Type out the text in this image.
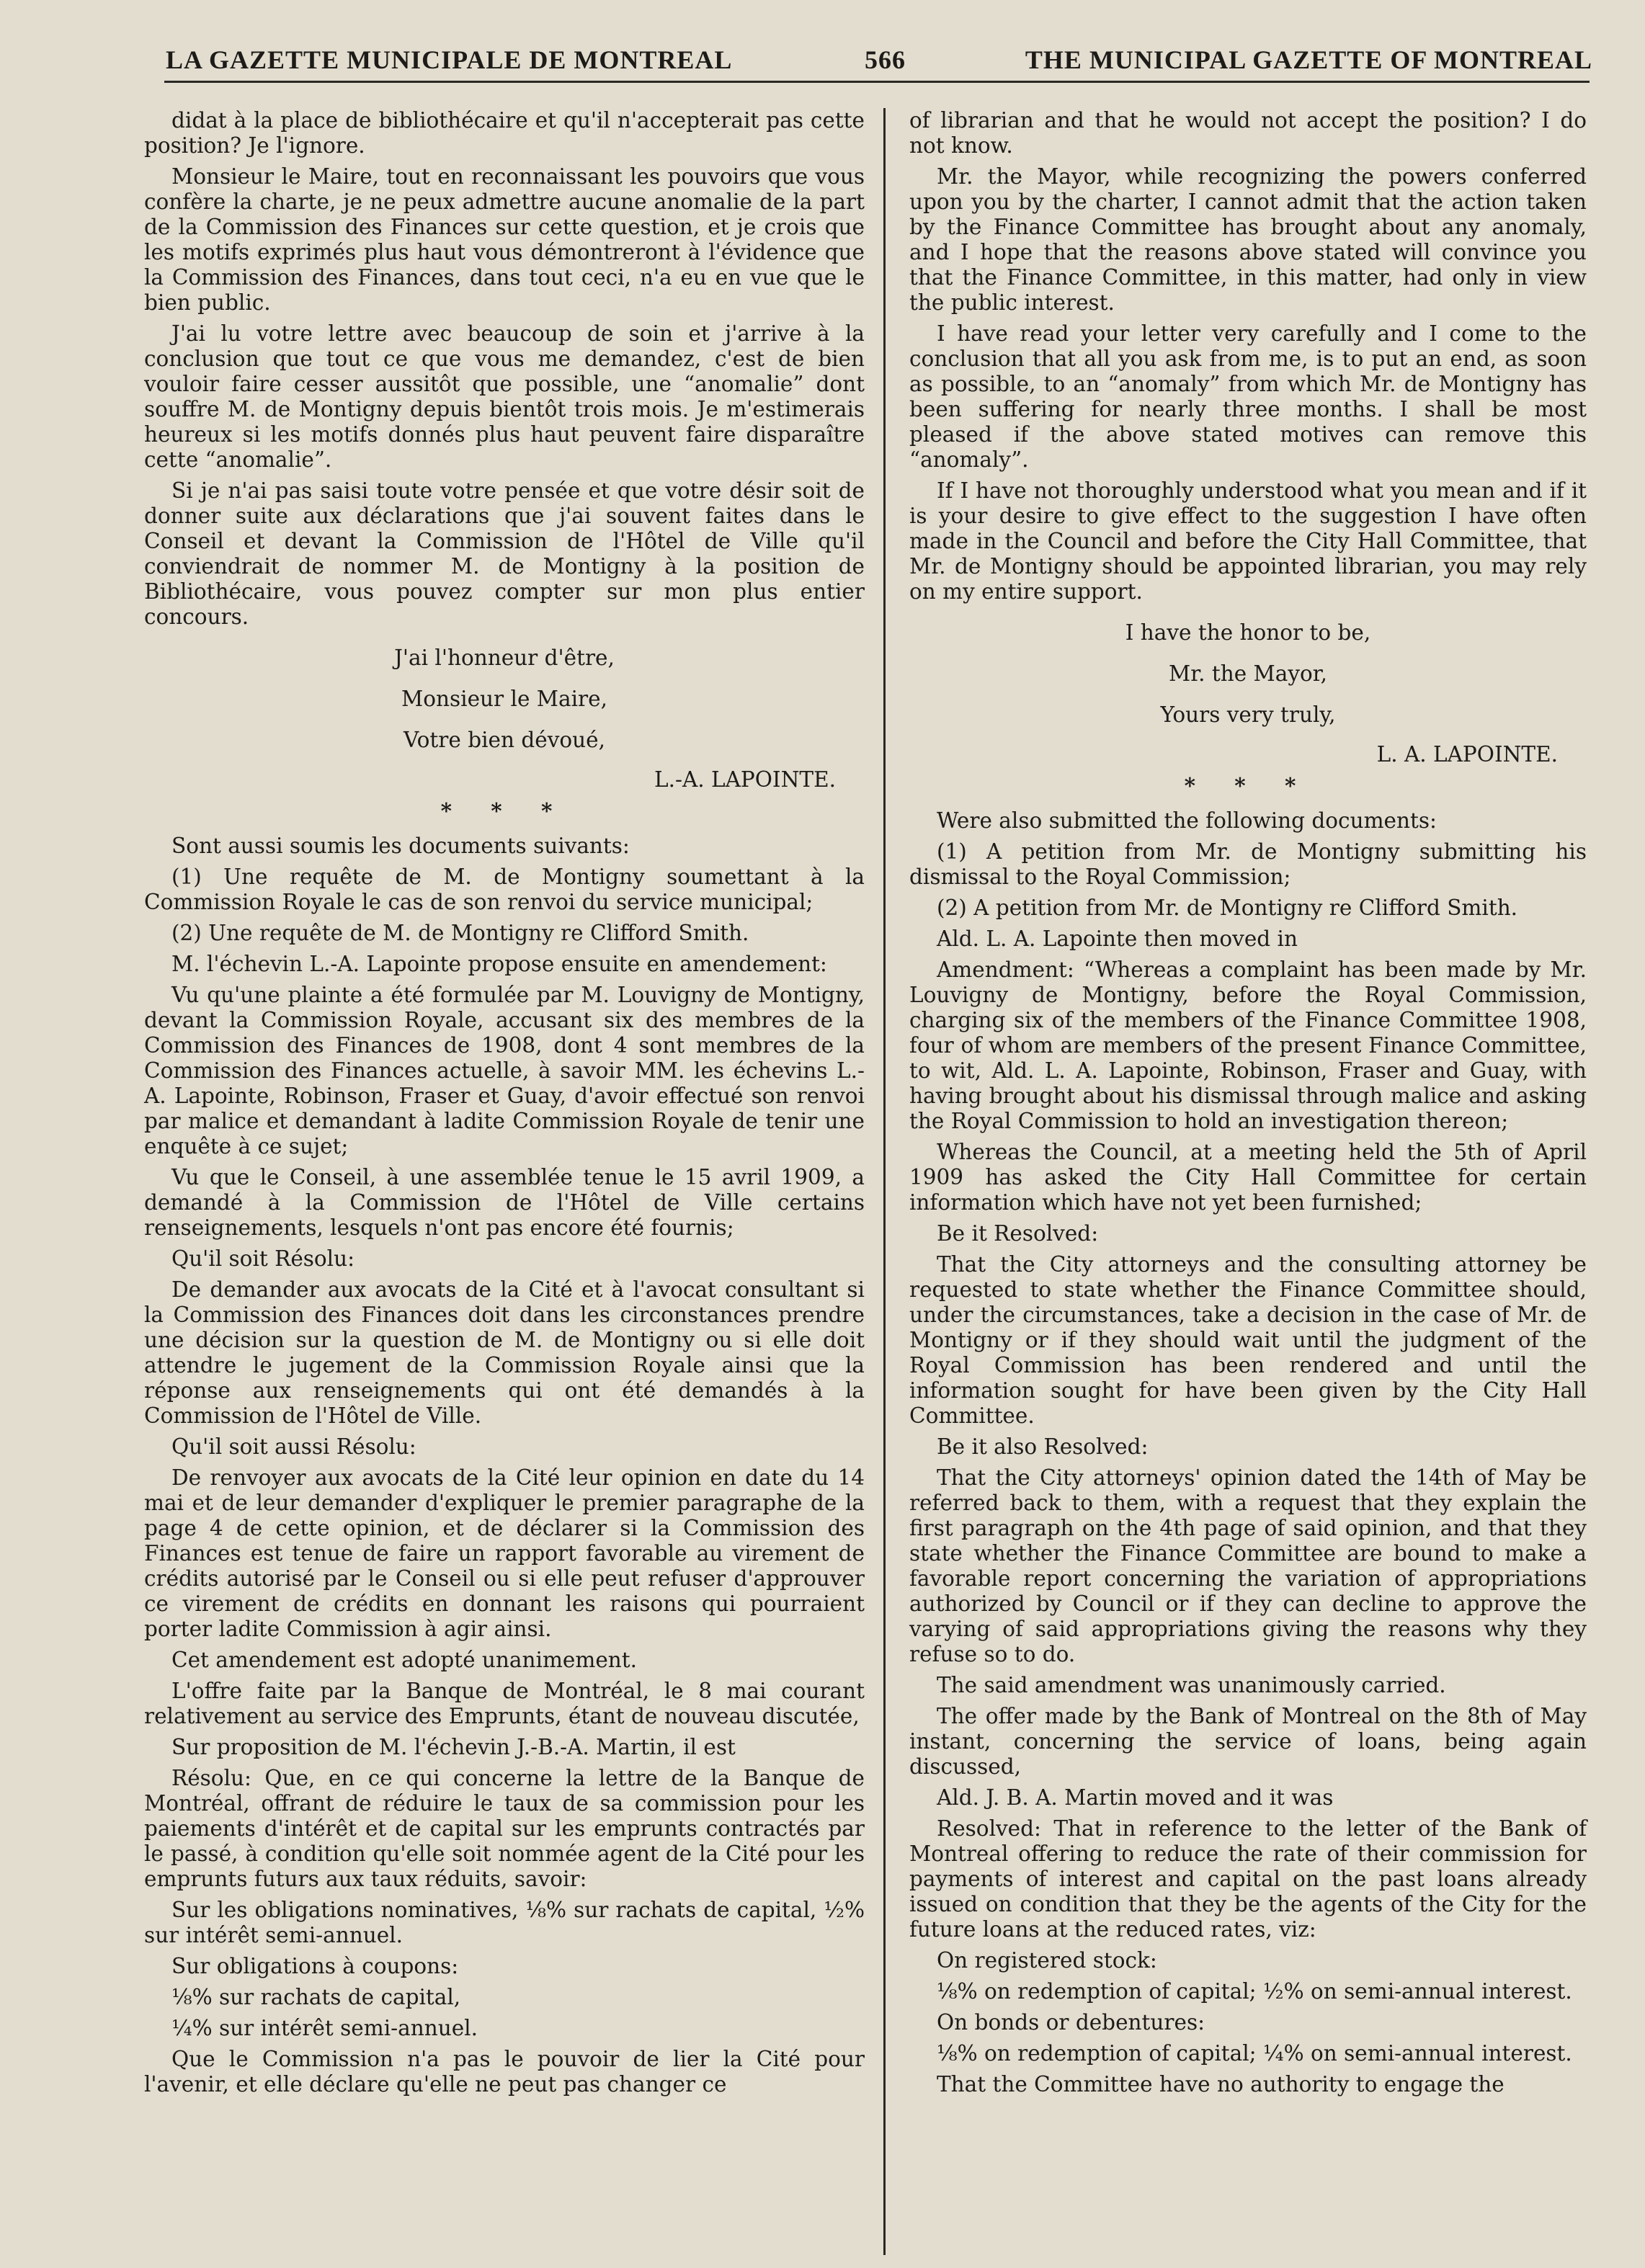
LA GAZETTE MUNICIPALE DE MONTREAL	566	THE MUNICIPAL GAZETTE OF MONTREAL

didat à la place de bibliothécaire et qu'il n'accepterait pas cette position? Je l'ignore.

Monsieur le Maire, tout en reconnaissant les pouvoirs que vous confère la charte, je ne peux admettre aucune anomalie de la part de la Commission des Finances sur cette question, et je crois que les motifs exprimés plus haut vous démontreront à l'évidence que la Commission des Finances, dans tout ceci, n'a eu en vue que le bien public.

J'ai lu votre lettre avec beaucoup de soin et j'arrive à la conclusion que tout ce que vous me demandez, c'est de bien vouloir faire cesser aussitôt que possible, une “anomalie” dont souffre M. de Montigny depuis bientôt trois mois. Je m'estimerais heureux si les motifs donnés plus haut peuvent faire disparaître cette “anomalie”.

Si je n'ai pas saisi toute votre pensée et que votre désir soit de donner suite aux déclarations que j'ai souvent faites dans le Conseil et devant la Commission de l'Hôtel de Ville qu'il conviendrait de nommer M. de Montigny à la position de Bibliothécaire, vous pouvez compter sur mon plus entier concours.

J'ai l'honneur d'être,

Monsieur le Maire,

Votre bien dévoué,

L.-A. LAPOINTE.

* * *

Sont aussi soumis les documents suivants:

(1) Une requête de M. de Montigny soumettant à la Commission Royale le cas de son renvoi du service municipal;

(2) Une requête de M. de Montigny re Clifford Smith.

M. l'échevin L.-A. Lapointe propose ensuite en amendement:

Vu qu'une plainte a été formulée par M. Louvigny de Montigny, devant la Commission Royale, accusant six des membres de la Commission des Finances de 1908, dont 4 sont membres de la Commission des Finances actuelle, à savoir MM. les échevins L.-A. Lapointe, Robinson, Fraser et Guay, d'avoir effectué son renvoi par malice et demandant à ladite Commission Royale de tenir une enquête à ce sujet;

Vu que le Conseil, à une assemblée tenue le 15 avril 1909, a demandé à la Commission de l'Hôtel de Ville certains renseignements, lesquels n'ont pas encore été fournis;

Qu'il soit Résolu:

De demander aux avocats de la Cité et à l'avocat consultant si la Commission des Finances doit dans les circonstances prendre une décision sur la question de M. de Montigny ou si elle doit attendre le jugement de la Commission Royale ainsi que la réponse aux renseignements qui ont été demandés à la Commission de l'Hôtel de Ville.

Qu'il soit aussi Résolu:

De renvoyer aux avocats de la Cité leur opinion en date du 14 mai et de leur demander d'expliquer le premier paragraphe de la page 4 de cette opinion, et de déclarer si la Commission des Finances est tenue de faire un rapport favorable au virement de crédits autorisé par le Conseil ou si elle peut refuser d'approuver ce virement de crédits en donnant les raisons qui pourraient porter ladite Commission à agir ainsi.

Cet amendement est adopté unanimement.

L'offre faite par la Banque de Montréal, le 8 mai courant relativement au service des Emprunts, étant de nouveau discutée,

Sur proposition de M. l'échevin J.-B.-A. Martin, il est

Résolu: Que, en ce qui concerne la lettre de la Banque de Montréal, offrant de réduire le taux de sa commission pour les paiements d'intérêt et de capital sur les emprunts contractés par le passé, à condition qu'elle soit nommée agent de la Cité pour les emprunts futurs aux taux réduits, savoir:

Sur les obligations nominatives, ⅛% sur rachats de capital, ½% sur intérêt semi-annuel.

Sur obligations à coupons:

⅛% sur rachats de capital,

¼% sur intérêt semi-annuel.

Que le Commission n'a pas le pouvoir de lier la Cité pour l'avenir, et elle déclare qu'elle ne peut pas changer ce

of librarian and that he would not accept the position? I do not know.

Mr. the Mayor, while recognizing the powers conferred upon you by the charter, I cannot admit that the action taken by the Finance Committee has brought about any anomaly, and I hope that the reasons above stated will convince you that the Finance Committee, in this matter, had only in view the public interest.

I have read your letter very carefully and I come to the conclusion that all you ask from me, is to put an end, as soon as possible, to an “anomaly” from which Mr. de Montigny has been suffering for nearly three months. I shall be most pleased if the above stated motives can remove this “anomaly”.

If I have not thoroughly understood what you mean and if it is your desire to give effect to the suggestion I have often made in the Council and before the City Hall Committee, that Mr. de Montigny should be appointed librarian, you may rely on my entire support.

I have the honor to be,

Mr. the Mayor,

Yours very truly,

L. A. LAPOINTE.

* * *

Were also submitted the following documents:

(1) A petition from Mr. de Montigny submitting his dismissal to the Royal Commission;

(2) A petition from Mr. de Montigny re Clifford Smith.

Ald. L. A. Lapointe then moved in

Amendment: “Whereas a complaint has been made by Mr. Louvigny de Montigny, before the Royal Commission, charging six of the members of the Finance Committee 1908, four of whom are members of the present Finance Committee, to wit, Ald. L. A. Lapointe, Robinson, Fraser and Guay, with having brought about his dismissal through malice and asking the Royal Commission to hold an investigation thereon;

Whereas the Council, at a meeting held the 5th of April 1909 has asked the City Hall Committee for certain information which have not yet been furnished;

Be it Resolved:

That the City attorneys and the consulting attorney be requested to state whether the Finance Committee should, under the circumstances, take a decision in the case of Mr. de Montigny or if they should wait until the judgment of the Royal Commission has been rendered and until the information sought for have been given by the City Hall Committee.

Be it also Resolved:

That the City attorneys' opinion dated the 14th of May be referred back to them, with a request that they explain the first paragraph on the 4th page of said opinion, and that they state whether the Finance Committee are bound to make a favorable report concerning the variation of appropriations authorized by Council or if they can decline to approve the varying of said appropriations giving the reasons why they refuse so to do.

The said amendment was unanimously carried.

The offer made by the Bank of Montreal on the 8th of May instant, concerning the service of loans, being again discussed,

Ald. J. B. A. Martin moved and it was

Resolved: That in reference to the letter of the Bank of Montreal offering to reduce the rate of their commission for payments of interest and capital on the past loans already issued on condition that they be the agents of the City for the future loans at the reduced rates, viz:

On registered stock:

⅛% on redemption of capital; ½% on semi-annual interest.

On bonds or debentures:

⅛% on redemption of capital; ¼% on semi-annual interest.

That the Committee have no authority to engage the
